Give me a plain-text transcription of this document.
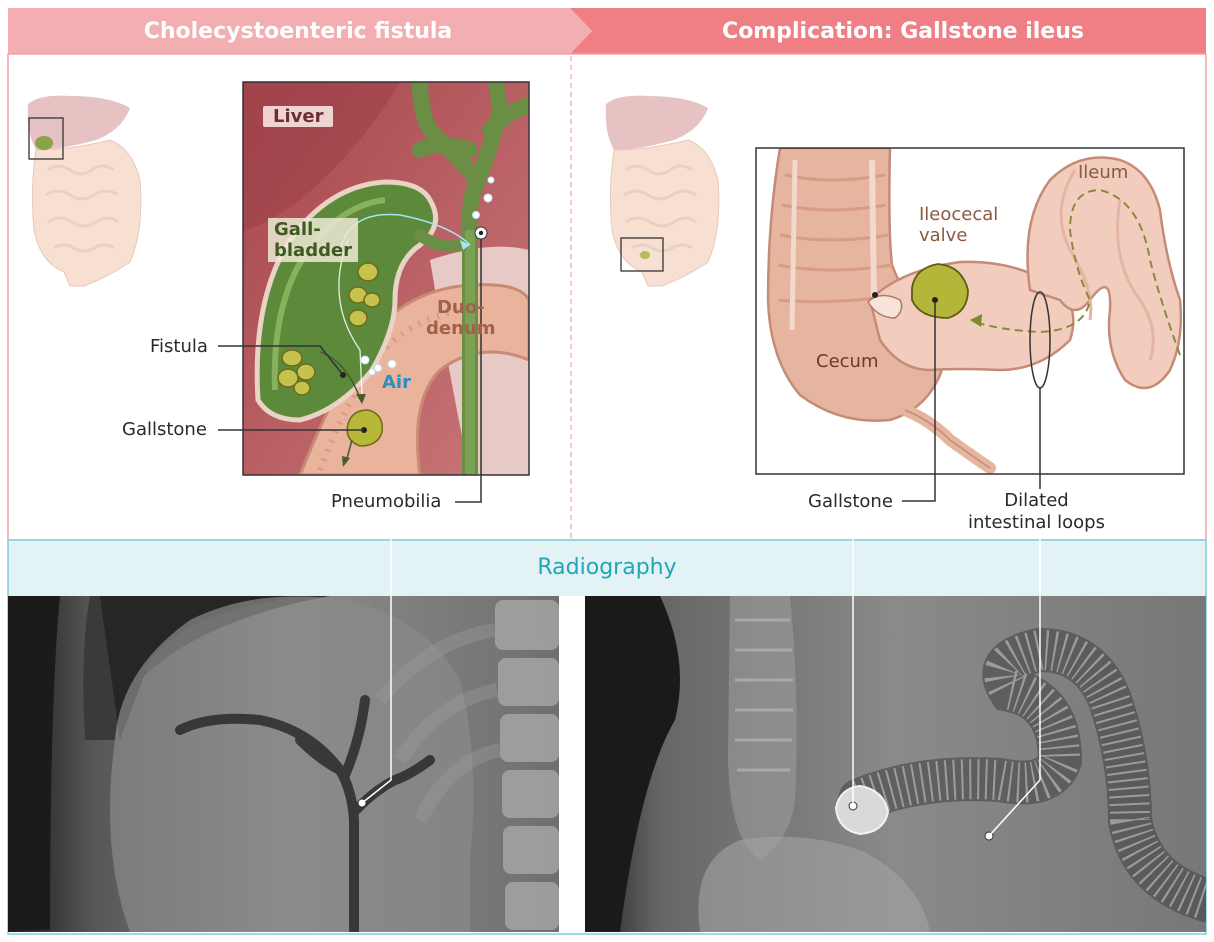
Cholecystoenteric fistula	Complication: Gallstone ileus
Liver
Gall-
bladder
Duo-
denum
Air
Fistula
Gallstone
Pneumobilia
Ileum
Ileocecal
valve
Cecum
Gallstone	Dilated
intestinal loops
Radiography
